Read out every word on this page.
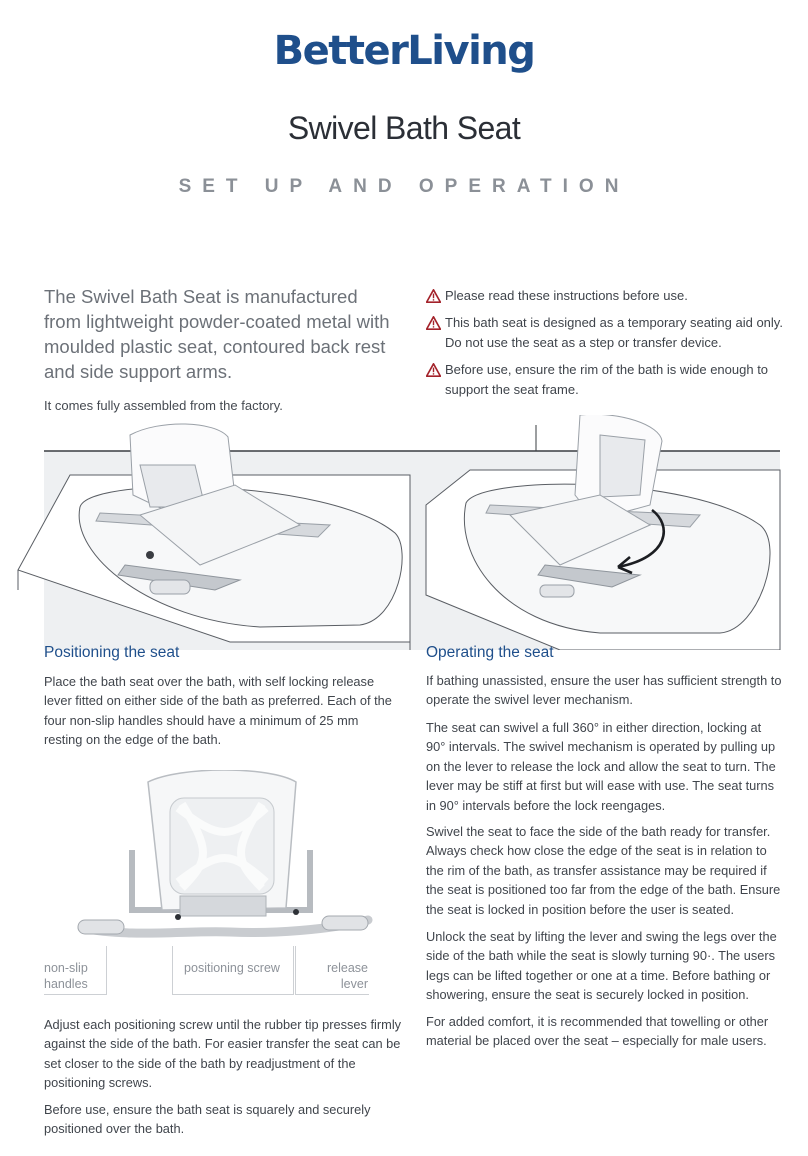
BetterLiving
Swivel Bath Seat
SET UP AND OPERATION
The Swivel Bath Seat is manufactured from lightweight powder-coated metal with moulded plastic seat, contoured back rest and side support arms.
It comes fully assembled from the factory.
Please read these instructions before use.
This bath seat is designed as a temporary seating aid only. Do not use the seat as a step or transfer device.
Before use, ensure the rim of the bath is wide enough to support the seat frame.
Positioning the seat
Place the bath seat over the bath, with self locking release lever fitted on either side of the bath as preferred. Each of the four non-slip handles should have a minimum of 25 mm resting on the edge of the bath.
non-slip handles
positioning screw	release lever
Adjust each positioning screw until the rubber tip presses firmly against the side of the bath. For easier transfer the seat can be set closer to the side of the bath by readjustment of the positioning screws.
Before use, ensure the bath seat is squarely and securely positioned over the bath.
Operating the seat
If bathing unassisted, ensure the user has sufficient strength to operate the swivel lever mechanism.
The seat can swivel a full 360° in either direction, locking at 90° intervals. The swivel mechanism is operated by pulling up on the lever to release the lock and allow the seat to turn. The lever may be stiff at first but will ease with use. The seat turns in 90° intervals before the lock reengages.
Swivel the seat to face the side of the bath ready for transfer. Always check how close the edge of the seat is in relation to the rim of the bath, as transfer assistance may be required if the seat is positioned too far from the edge of the bath. Ensure the seat is locked in position before the user is seated.
Unlock the seat by lifting the lever and swing the legs over the side of the bath while the seat is slowly turning 90·. The users legs can be lifted together or one at a time. Before bathing or showering, ensure the seat is securely locked in position.
For added comfort, it is recommended that towelling or other material be placed over the seat – especially for male users.
